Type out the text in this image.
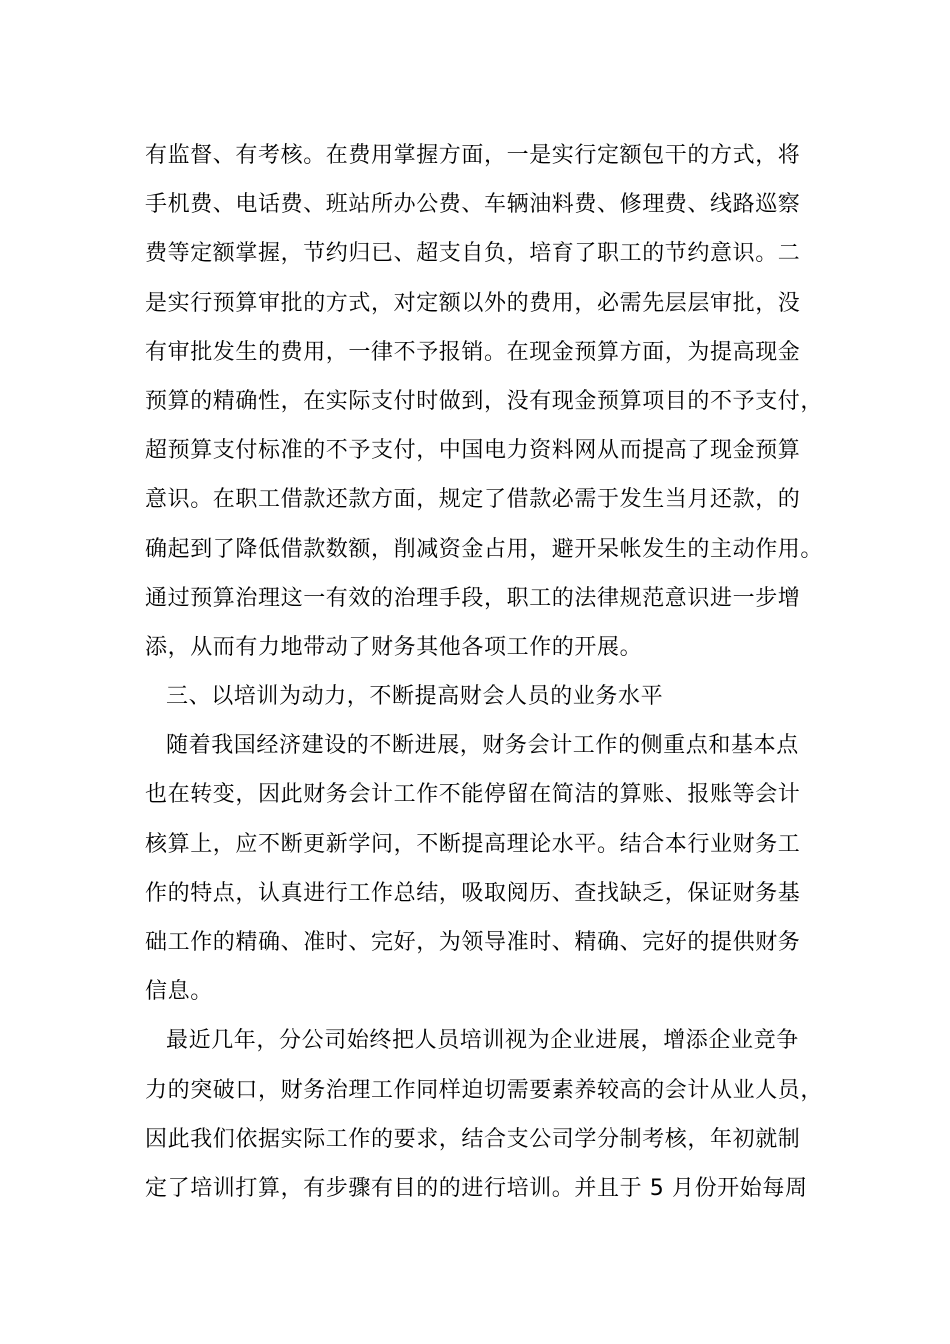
有监督、有考核。在费用掌握方面，一是实行定额包干的方式，将
手机费、电话费、班站所办公费、车辆油料费、修理费、线路巡察
费等定额掌握，节约归已、超支自负，培育了职工的节约意识。二
是实行预算审批的方式，对定额以外的费用，必需先层层审批，没
有审批发生的费用，一律不予报销。在现金预算方面，为提高现金
预算的精确性，在实际支付时做到，没有现金预算项目的不予支付，
超预算支付标准的不予支付，中国电力资料网从而提高了现金预算
意识。在职工借款还款方面，规定了借款必需于发生当月还款，的
确起到了降低借款数额，削减资金占用，避开呆帐发生的主动作用。
通过预算治理这一有效的治理手段，职工的法律规范意识进一步增
添，从而有力地带动了财务其他各项工作的开展。
三、以培训为动力，不断提高财会人员的业务水平
随着我国经济建设的不断进展，财务会计工作的侧重点和基本点
也在转变，因此财务会计工作不能停留在简洁的算账、报账等会计
核算上，应不断更新学问，不断提高理论水平。结合本行业财务工
作的特点，认真进行工作总结，吸取阅历、查找缺乏，保证财务基
础工作的精确、准时、完好，为领导准时、精确、完好的提供财务
信息。
最近几年，分公司始终把人员培训视为企业进展，增添企业竞争
力的突破口，财务治理工作同样迫切需要素养较高的会计从业人员，
因此我们依据实际工作的要求，结合支公司学分制考核，年初就制
定了培训打算，有步骤有目的的进行培训。并且于 5 月份开始每周
